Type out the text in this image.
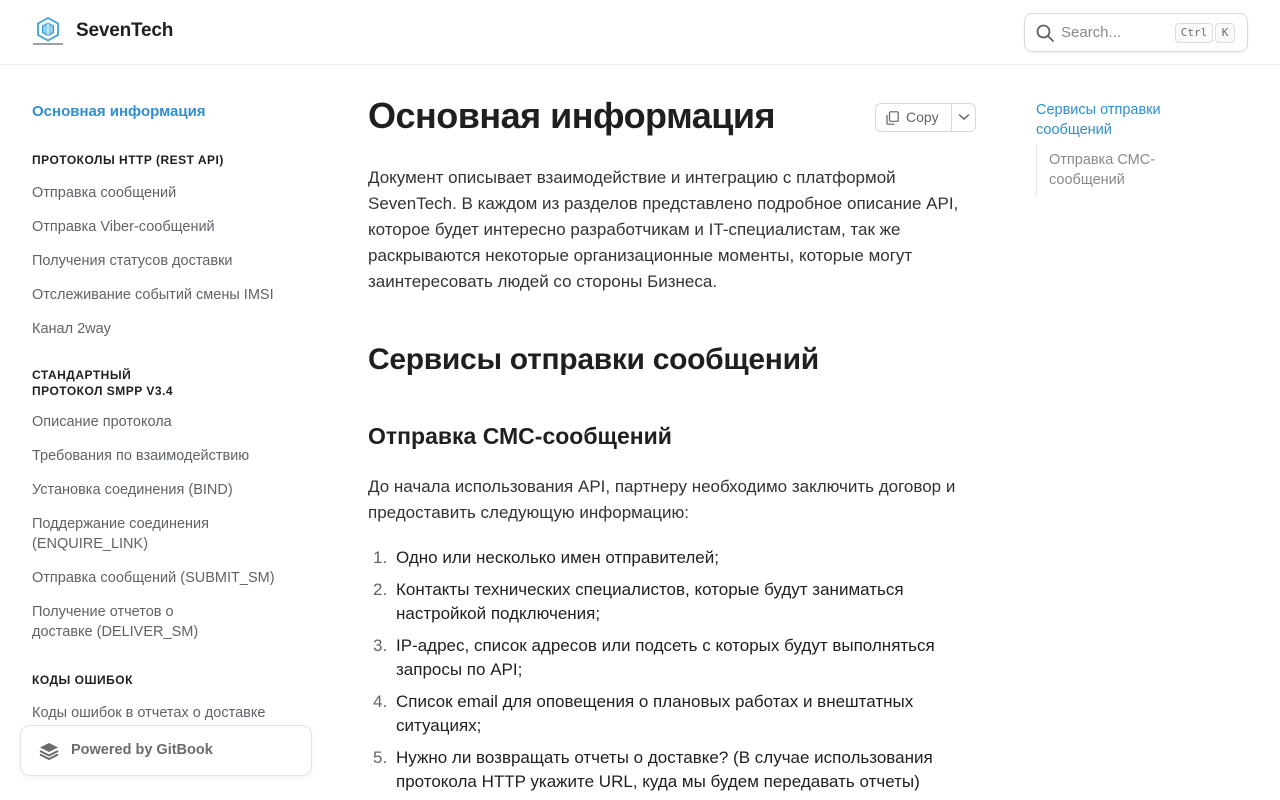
SevenTech	Search...	Ctrl	K
Основная информация
ПРОТОКОЛЫ HTTP (REST API)
Отправка сообщений
Отправка Viber-сообщений
Получения статусов доставки
Отслеживание событий смены IMSI
Канал 2way
СТАНДАРТНЫЙ
ПРОТОКОЛ SMPP V3.4
Описание протокола
Требования по взаимодействию
Установка соединения (BIND)
Поддержание соединения
(ENQUIRE_LINK)
Отправка сообщений (SUBMIT_SM)
Получение отчетов о
доставке (DELIVER_SM)
КОДЫ ОШИБОК
Коды ошибок в отчетах о доставке
Powered by GitBook
Основная информация	Copy

Документ описывает взаимодействие и интеграцию с платформой SevenTech. В каждом из разделов представлено подробное описание API, которое будет интересно разработчикам и IT-специалистам, так же раскрываются некоторые организационные моменты, которые могут заинтересовать людей со стороны Бизнеса.

Сервисы отправки сообщений
Отправка СМС-сообщений

До начала использования API, партнеру необходимо заключить договор и предоставить следующую информацию:

1. Одно или несколько имен отправителей;
2. Контакты технических специалистов, которые будут заниматься настройкой подключения;
3. IP-адрес, список адресов или подсеть с которых будут выполняться запросы по API;
4. Список email для оповещения о плановых работах и внештатных ситуациях;
5. Нужно ли возвращать отчеты о доставке? (В случае использования протокола HTTP укажите URL, куда мы будем передавать отчеты)
Сервисы отправки сообщений
Отправка СМС-сообщений
